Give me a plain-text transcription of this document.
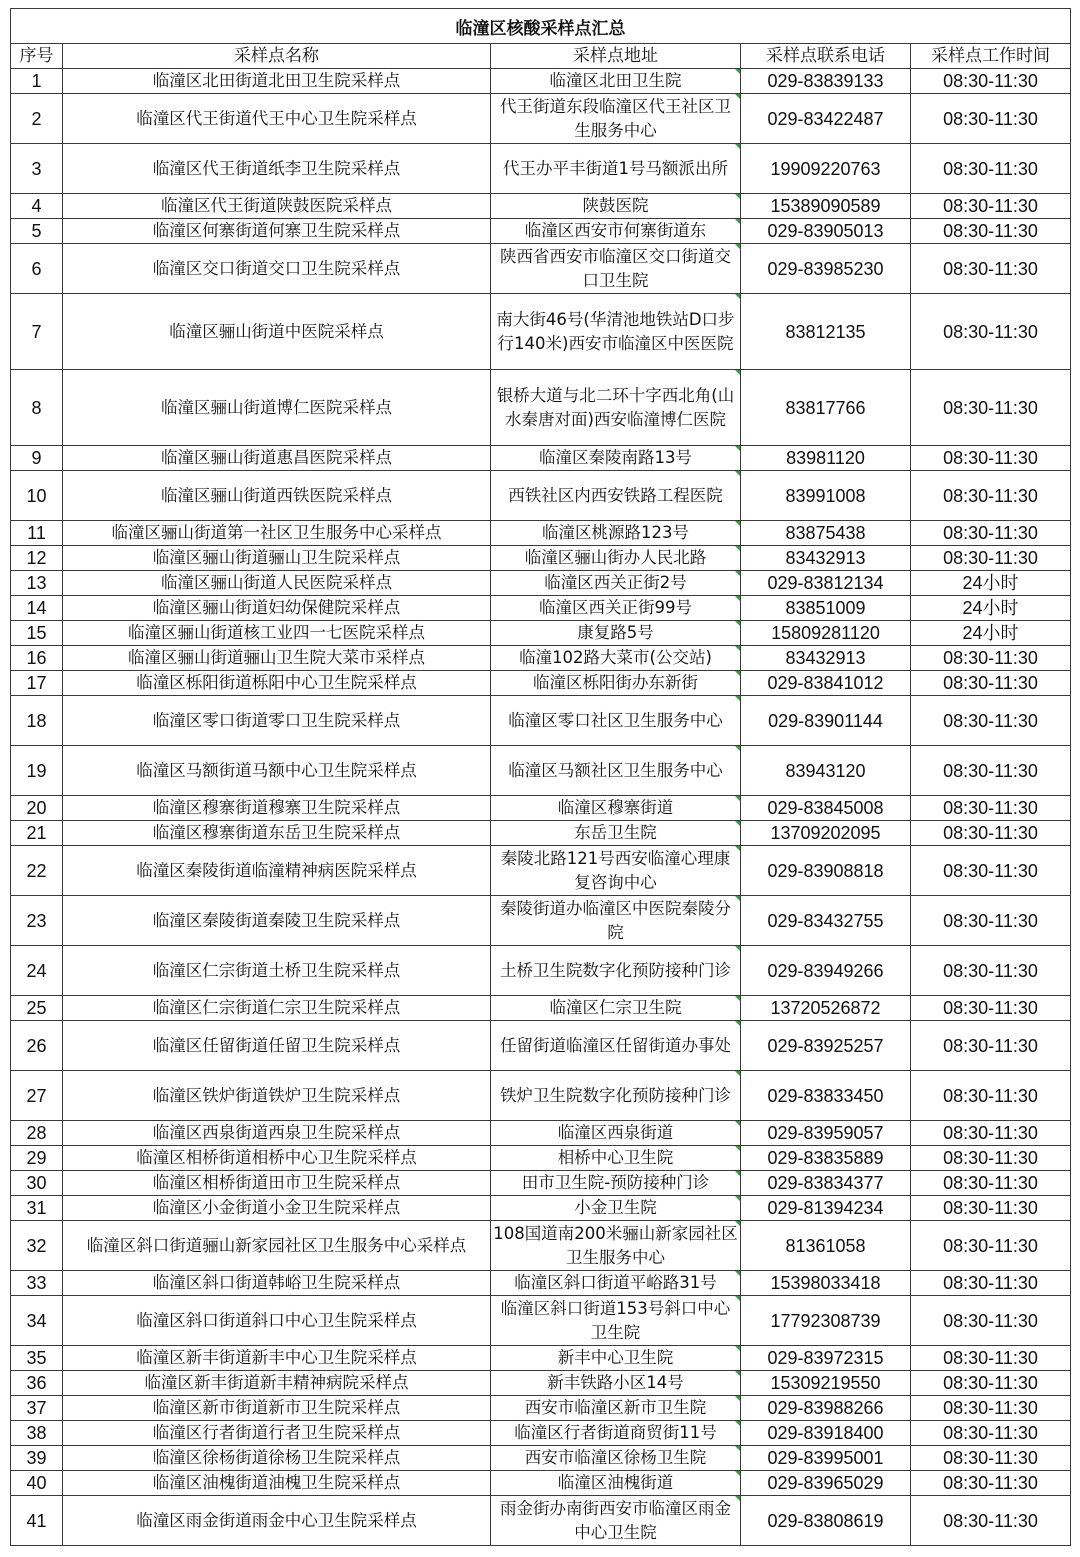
临潼区核酸采样点汇总				
序号	采样点名称	采样点地址	采样点联系电话	采样点工作时间
1	临潼区北田街道北田卫生院采样点	临潼区北田卫生院	029-83839133	08:30-11:30
2	临潼区代王街道代王中心卫生院采样点	代王街道东段临潼区代王社区卫生服务中心	029-83422487	08:30-11:30
3	临潼区代王街道纸李卫生院采样点	代王办平丰街道1号马额派出所	19909220763	08:30-11:30
4	临潼区代王街道陕鼓医院采样点	陕鼓医院	15389090589	08:30-11:30
5	临潼区何寨街道何寨卫生院采样点	临潼区西安市何寨街道东	029-83905013	08:30-11:30
6	临潼区交口街道交口卫生院采样点	陕西省西安市临潼区交口街道交口卫生院	029-83985230	08:30-11:30
7	临潼区骊山街道中医院采样点	南大街46号(华清池地铁站D口步行140米)西安市临潼区中医医院	83812135	08:30-11:30
8	临潼区骊山街道博仁医院采样点	银桥大道与北二环十字西北角(山水秦唐对面)西安临潼博仁医院	83817766	08:30-11:30
9	临潼区骊山街道惠昌医院采样点	临潼区秦陵南路13号	83981120	08:30-11:30
10	临潼区骊山街道西铁医院采样点	西铁社区内西安铁路工程医院	83991008	08:30-11:30
11	临潼区骊山街道第一社区卫生服务中心采样点	临潼区桃源路123号	83875438	08:30-11:30
12	临潼区骊山街道骊山卫生院采样点	临潼区骊山街办人民北路	83432913	08:30-11:30
13	临潼区骊山街道人民医院采样点	临潼区西关正街2号	029-83812134	24小时
14	临潼区骊山街道妇幼保健院采样点	临潼区西关正街99号	83851009	24小时
15	临潼区骊山街道核工业四一七医院采样点	康复路5号	15809281120	24小时
16	临潼区骊山街道骊山卫生院大菜市采样点	临潼102路大菜市(公交站)	83432913	08:30-11:30
17	临潼区栎阳街道栎阳中心卫生院采样点	临潼区栎阳街办东新街	029-83841012	08:30-11:30
18	临潼区零口街道零口卫生院采样点	临潼区零口社区卫生服务中心	029-83901144	08:30-11:30
19	临潼区马额街道马额中心卫生院采样点	临潼区马额社区卫生服务中心	83943120	08:30-11:30
20	临潼区穆寨街道穆寨卫生院采样点	临潼区穆寨街道	029-83845008	08:30-11:30
21	临潼区穆寨街道东岳卫生院采样点	东岳卫生院	13709202095	08:30-11:30
22	临潼区秦陵街道临潼精神病医院采样点	秦陵北路121号西安临潼心理康复咨询中心	029-83908818	08:30-11:30
23	临潼区秦陵街道秦陵卫生院采样点	秦陵街道办临潼区中医院秦陵分院	029-83432755	08:30-11:30
24	临潼区仁宗街道土桥卫生院采样点	土桥卫生院数字化预防接种门诊	029-83949266	08:30-11:30
25	临潼区仁宗街道仁宗卫生院采样点	临潼区仁宗卫生院	13720526872	08:30-11:30
26	临潼区任留街道任留卫生院采样点	任留街道临潼区任留街道办事处	029-83925257	08:30-11:30
27	临潼区铁炉街道铁炉卫生院采样点	铁炉卫生院数字化预防接种门诊	029-83833450	08:30-11:30
28	临潼区西泉街道西泉卫生院采样点	临潼区西泉街道	029-83959057	08:30-11:30
29	临潼区相桥街道相桥中心卫生院采样点	相桥中心卫生院	029-83835889	08:30-11:30
30	临潼区相桥街道田市卫生院采样点	田市卫生院-预防接种门诊	029-83834377	08:30-11:30
31	临潼区小金街道小金卫生院采样点	小金卫生院	029-81394234	08:30-11:30
32	临潼区斜口街道骊山新家园社区卫生服务中心采样点	108国道南200米骊山新家园社区卫生服务中心	81361058	08:30-11:30
33	临潼区斜口街道韩峪卫生院采样点	临潼区斜口街道平峪路31号	15398033418	08:30-11:30
34	临潼区斜口街道斜口中心卫生院采样点	临潼区斜口街道153号斜口中心卫生院	17792308739	08:30-11:30
35	临潼区新丰街道新丰中心卫生院采样点	新丰中心卫生院	029-83972315	08:30-11:30
36	临潼区新丰街道新丰精神病院采样点	新丰铁路小区14号	15309219550	08:30-11:30
37	临潼区新市街道新市卫生院采样点	西安市临潼区新市卫生院	029-83988266	08:30-11:30
38	临潼区行者街道行者卫生院采样点	临潼区行者街道商贸街11号	029-83918400	08:30-11:30
39	临潼区徐杨街道徐杨卫生院采样点	西安市临潼区徐杨卫生院	029-83995001	08:30-11:30
40	临潼区油槐街道油槐卫生院采样点	临潼区油槐街道	029-83965029	08:30-11:30
41	临潼区雨金街道雨金中心卫生院采样点	雨金街办南街西安市临潼区雨金中心卫生院	029-83808619	08:30-11:30
